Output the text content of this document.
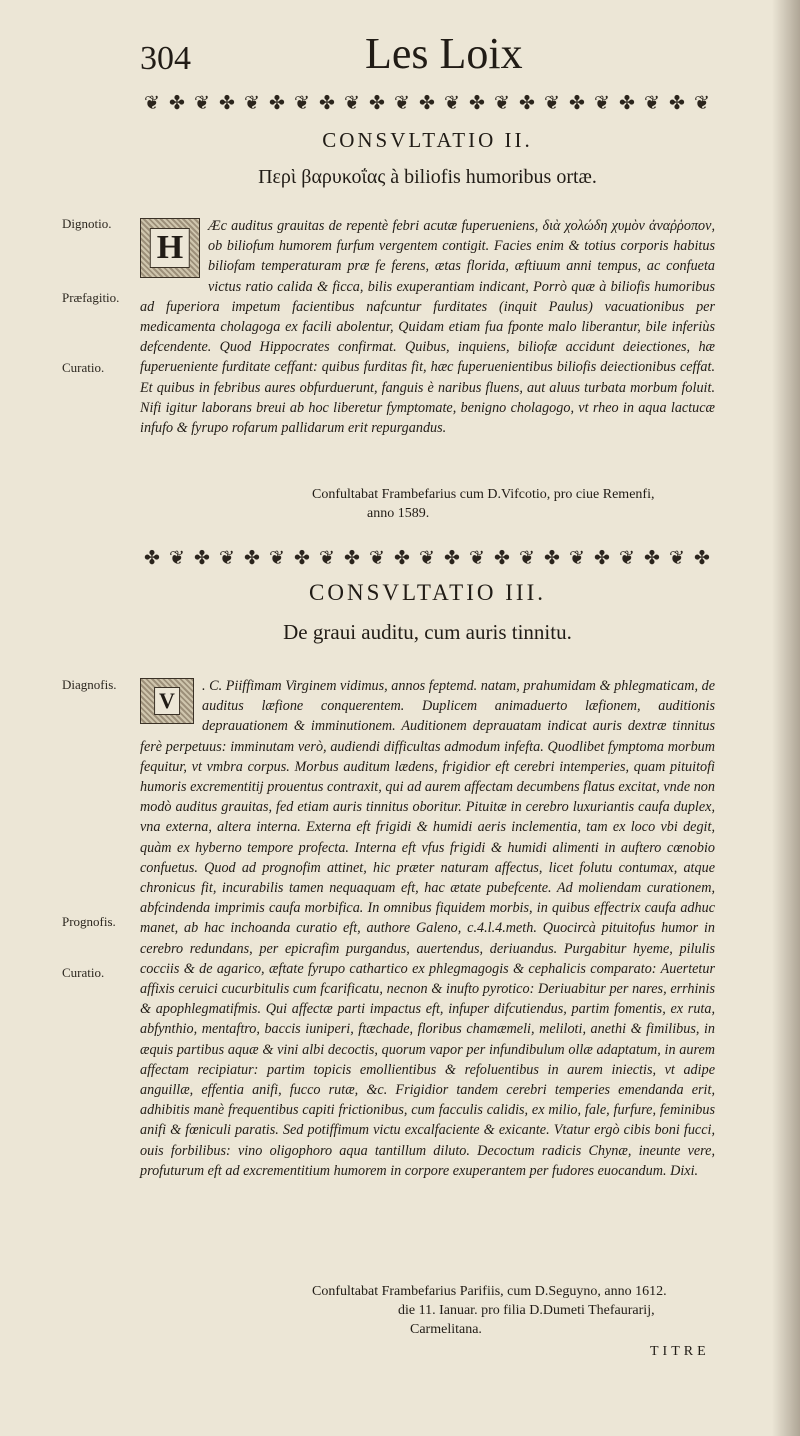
304	Les Loix
❦ ✤ ❦ ✤ ❦ ✤ ❦ ✤ ❦ ✤ ❦ ✤ ❦ ✤ ❦ ✤ ❦ ✤ ❦ ✤ ❦ ✤ ❦
CONSVLTATIO II.
Περὶ βαρυκοΐας à biliofis humoribus ortæ.
Dignotio.
Præfagitio.
Curatio.
H
Æc auditus grauitas de repentè febri acutæ fuperueniens, διὰ χολώδη χυμὸν ἀναῤῥοπον, ob biliofum humorem furfum vergentem contigit. Facies enim & totius corporis habitus biliofam temperaturam præ fe ferens, ætas florida, æftiuum anni tempus, ac confueta victus ratio calida & ficca, bilis exuperantiam indicant, Porrò quæ à biliofis humoribus ad fuperiora impetum facientibus nafcuntur furditates (inquit Paulus) vacuationibus per medicamenta cholagoga ex facili abolentur, Quidam etiam fua fponte malo liberantur, bile inferiùs defcendente. Quod Hippocrates confirmat. Quibus, inquiens, biliofæ accidunt deiectiones, hæ fuperueniente furditate ceffant: quibus furditas fit, hæc fuperuenientibus biliofis deiectionibus ceffat. Et quibus in febribus aures obfurduerunt, fanguis è naribus fluens, aut aluus turbata morbum foluit. Nifi igitur laborans breui ab hoc liberetur fymptomate, benigno cholagogo, vt rheo in aqua lactucæ infufo & fyrupo rofarum pallidarum erit repurgandus.
Confultabat Frambefarius cum D.Vifcotio, pro ciue Remenfi,
anno 1589.
✤ ❦ ✤ ❦ ✤ ❦ ✤ ❦ ✤ ❦ ✤ ❦ ✤ ❦ ✤ ❦ ✤ ❦ ✤ ❦ ✤ ❦ ✤
CONSVLTATIO III.
De graui auditu, cum auris tinnitu.
Diagnofis.
Prognofis.
Curatio.
V
. C. Piiffimam Virginem vidimus, annos feptemd. natam, prahumidam & phlegmaticam, de auditus læfione conquerentem. Duplicem animaduerto læfionem, auditionis deprauationem & imminutionem. Auditionem deprauatam indicat auris dextræ tinnitus ferè perpetuus: imminutam verò, audiendi difficultas admodum infefta. Quodlibet fymptoma morbum fequitur, vt vmbra corpus. Morbus auditum lædens, frigidior eft cerebri intemperies, quam pituitofi humoris excrementitij prouentus contraxit, qui ad aurem affectam decumbens flatus excitat, vnde non modò auditus grauitas, fed etiam auris tinnitus oboritur. Pituitæ in cerebro luxuriantis caufa duplex, vna externa, altera interna. Externa eft frigidi & humidi aeris inclementia, tam ex loco vbi degit, quàm ex hyberno tempore profecta. Interna eft vfus frigidi & humidi alimenti in auftero cœnobio confuetus. Quod ad prognofim attinet, hic præter naturam affectus, licet folutu contumax, atque chronicus fit, incurabilis tamen nequaquam eft, hac ætate pubefcente. Ad moliendam curationem, abfcindenda imprimis caufa morbifica. In omnibus fiquidem morbis, in quibus effectrix caufa adhuc manet, ab hac inchoanda curatio eft, authore Galeno, c.4.l.4.meth. Quocircà pituitofus humor in cerebro redundans, per epicrafim purgandus, auertendus, deriuandus. Purgabitur hyeme, pilulis cocciis & de agarico, æftate fyrupo cathartico ex phlegmagogis & cephalicis comparato: Auertetur affixis ceruici cucurbitulis cum fcarificatu, necnon & inufto pyrotico: Deriuabitur per nares, errhinis & apophlegmatifmis. Qui affectæ parti impactus eft, infuper difcutiendus, partim fomentis, ex ruta, abfynthio, mentaftro, baccis iuniperi, ftæchade, floribus chamæmeli, meliloti, anethi & fimilibus, in æquis partibus aquæ & vini albi decoctis, quorum vapor per infundibulum ollæ adaptatum, in aurem affectam recipiatur: partim topicis emollientibus & refoluentibus in aurem iniectis, vt adipe anguillæ, effentia anifi, fucco rutæ, &c. Frigidior tandem cerebri temperies emendanda erit, adhibitis manè frequentibus capiti frictionibus, cum facculis calidis, ex milio, fale, furfure, feminibus anifi & fœniculi paratis. Sed potiffimum victu excalfaciente & exicante. Vtatur ergò cibis boni fucci, ouis forbilibus: vino oligophoro aqua tantillum diluto. Decoctum radicis Chynæ, ineunte vere, profuturum eft ad excrementitium humorem in corpore exuperantem per fudores euocandum. Dixi.
Confultabat Frambefarius Parifiis, cum D.Seguyno, anno 1612.
die 11. Ianuar. pro filia D.Dumeti Thefaurarij,
Carmelitana.
TITRE
